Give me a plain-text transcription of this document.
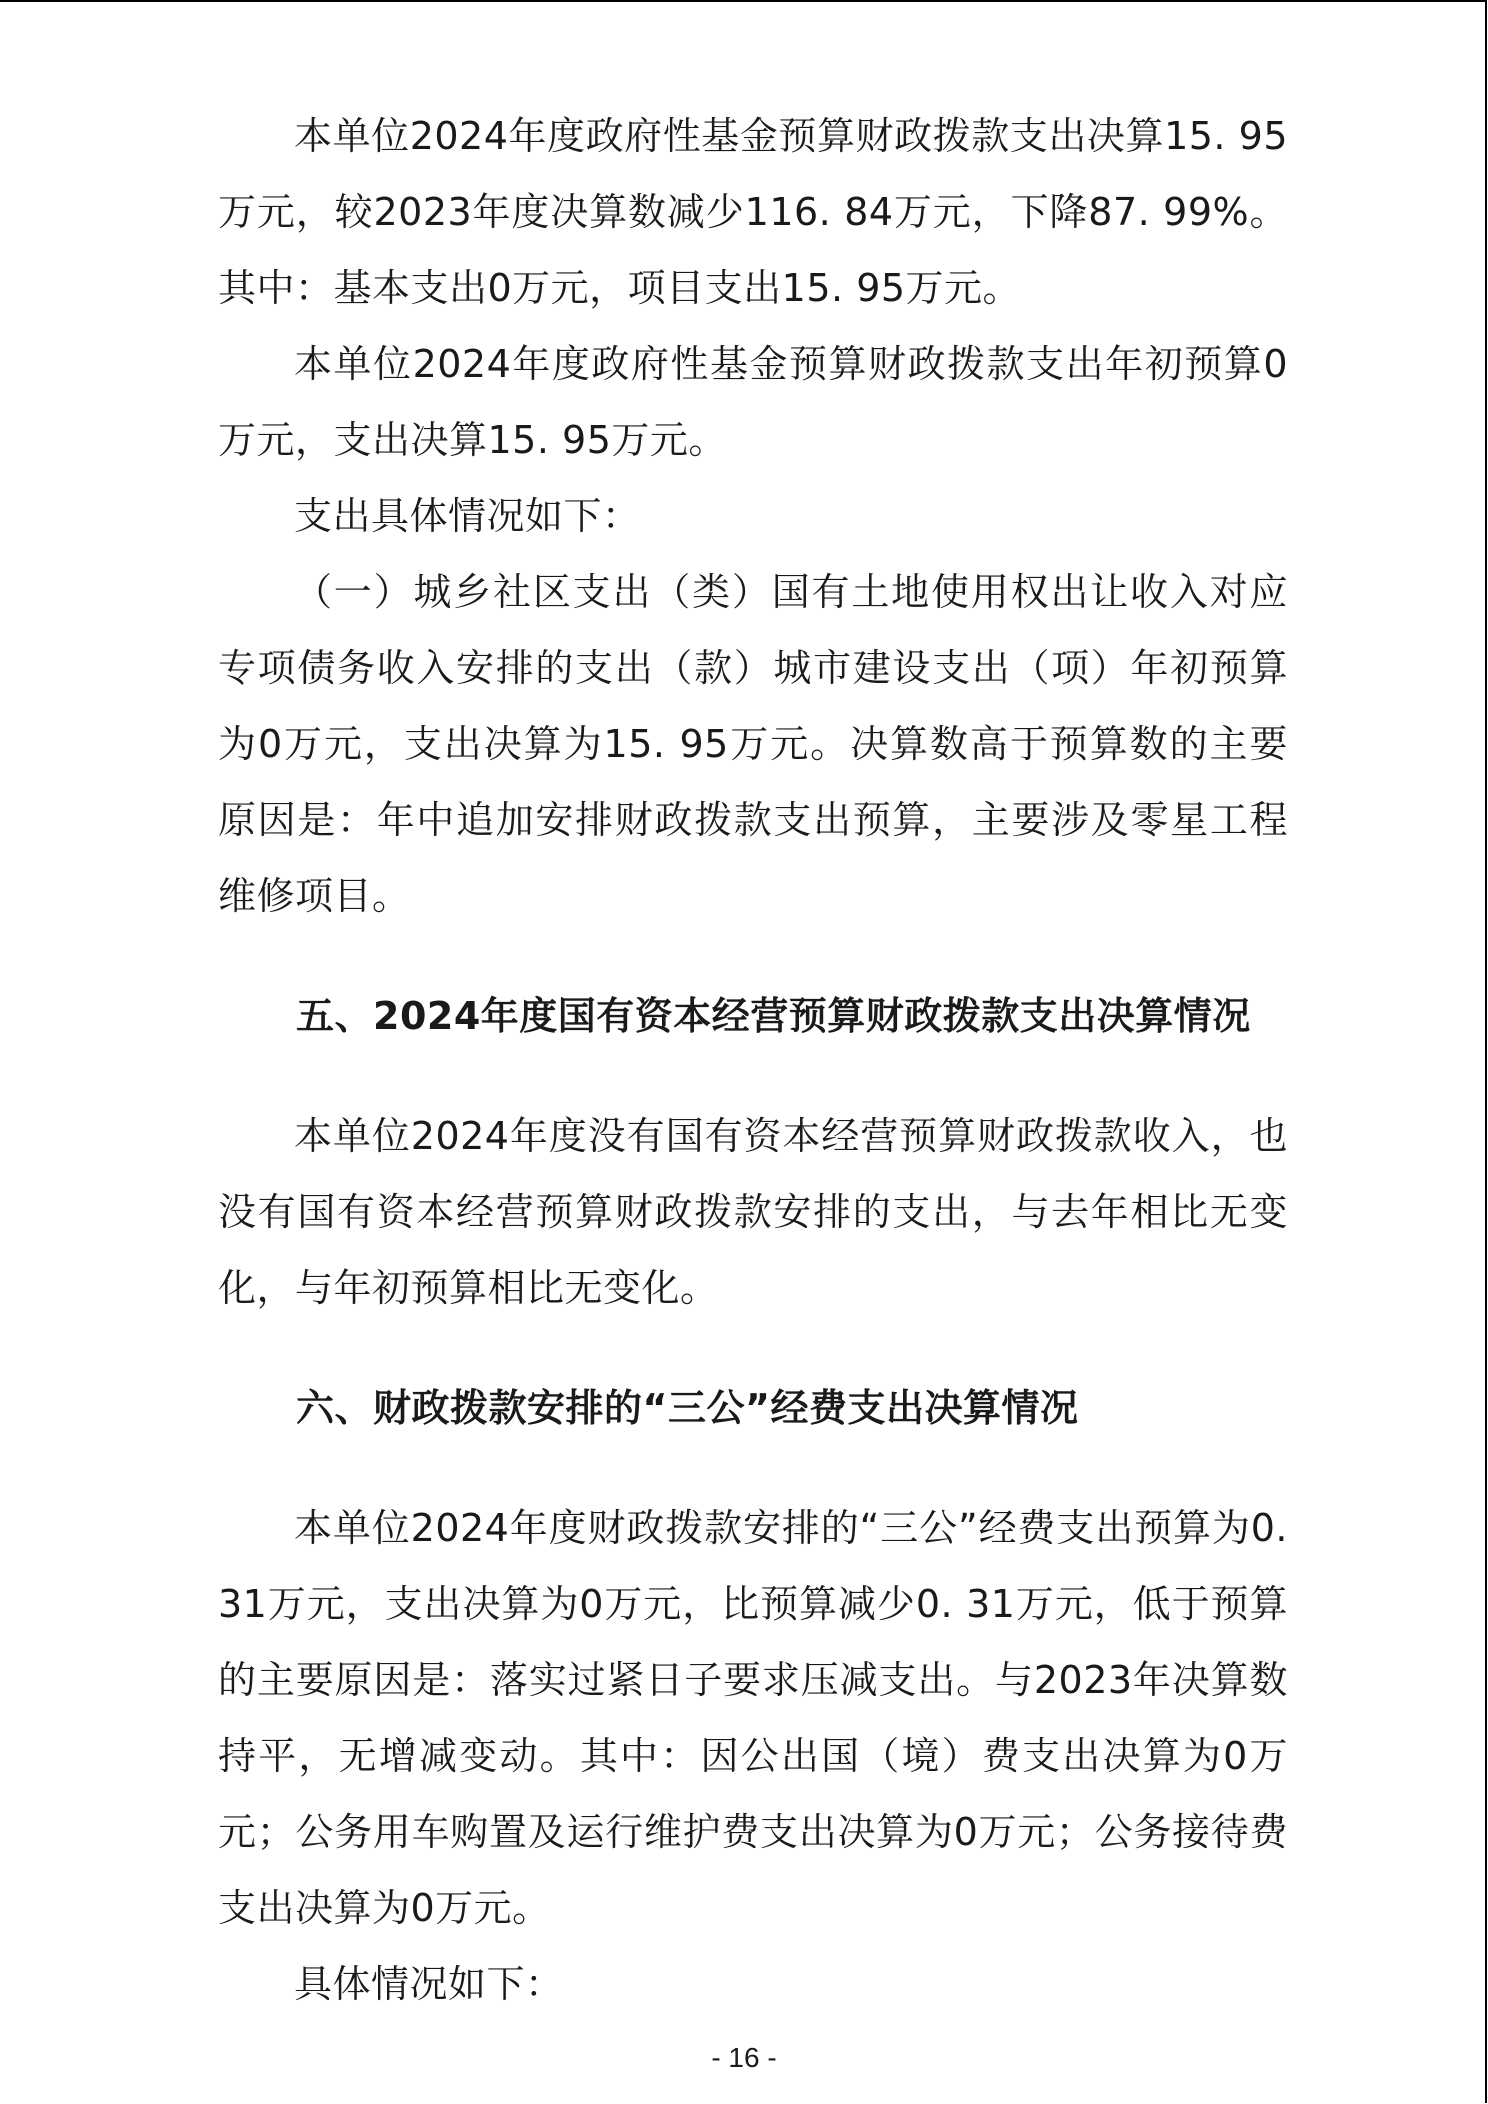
本单位2024年度政府性基金预算财政拨款支出决算15. 95万元，较2023年度决算数减少116. 84万元，下降87. 99%。其中：基本支出0万元，项目支出15. 95万元。

本单位2024年度政府性基金预算财政拨款支出年初预算0万元，支出决算15. 95万元。

支出具体情况如下：

（一）城乡社区支出（类）国有土地使用权出让收入对应专项债务收入安排的支出（款）城市建设支出（项）年初预算为0万元，支出决算为15. 95万元。决算数高于预算数的主要原因是：年中追加安排财政拨款支出预算，主要涉及零星工程维修项目。

五、2024年度国有资本经营预算财政拨款支出决算情况

本单位2024年度没有国有资本经营预算财政拨款收入，也没有国有资本经营预算财政拨款安排的支出，与去年相比无变化，与年初预算相比无变化。

六、财政拨款安排的“三公”经费支出决算情况

本单位2024年度财政拨款安排的“三公”经费支出预算为0. 31万元，支出决算为0万元，比预算减少0. 31万元，低于预算的主要原因是：落实过紧日子要求压减支出。与2023年决算数持平，无增减变动。其中：因公出国（境）费支出决算为0万元；公务用车购置及运行维护费支出决算为0万元；公务接待费支出决算为0万元。

具体情况如下：

- 16 -
